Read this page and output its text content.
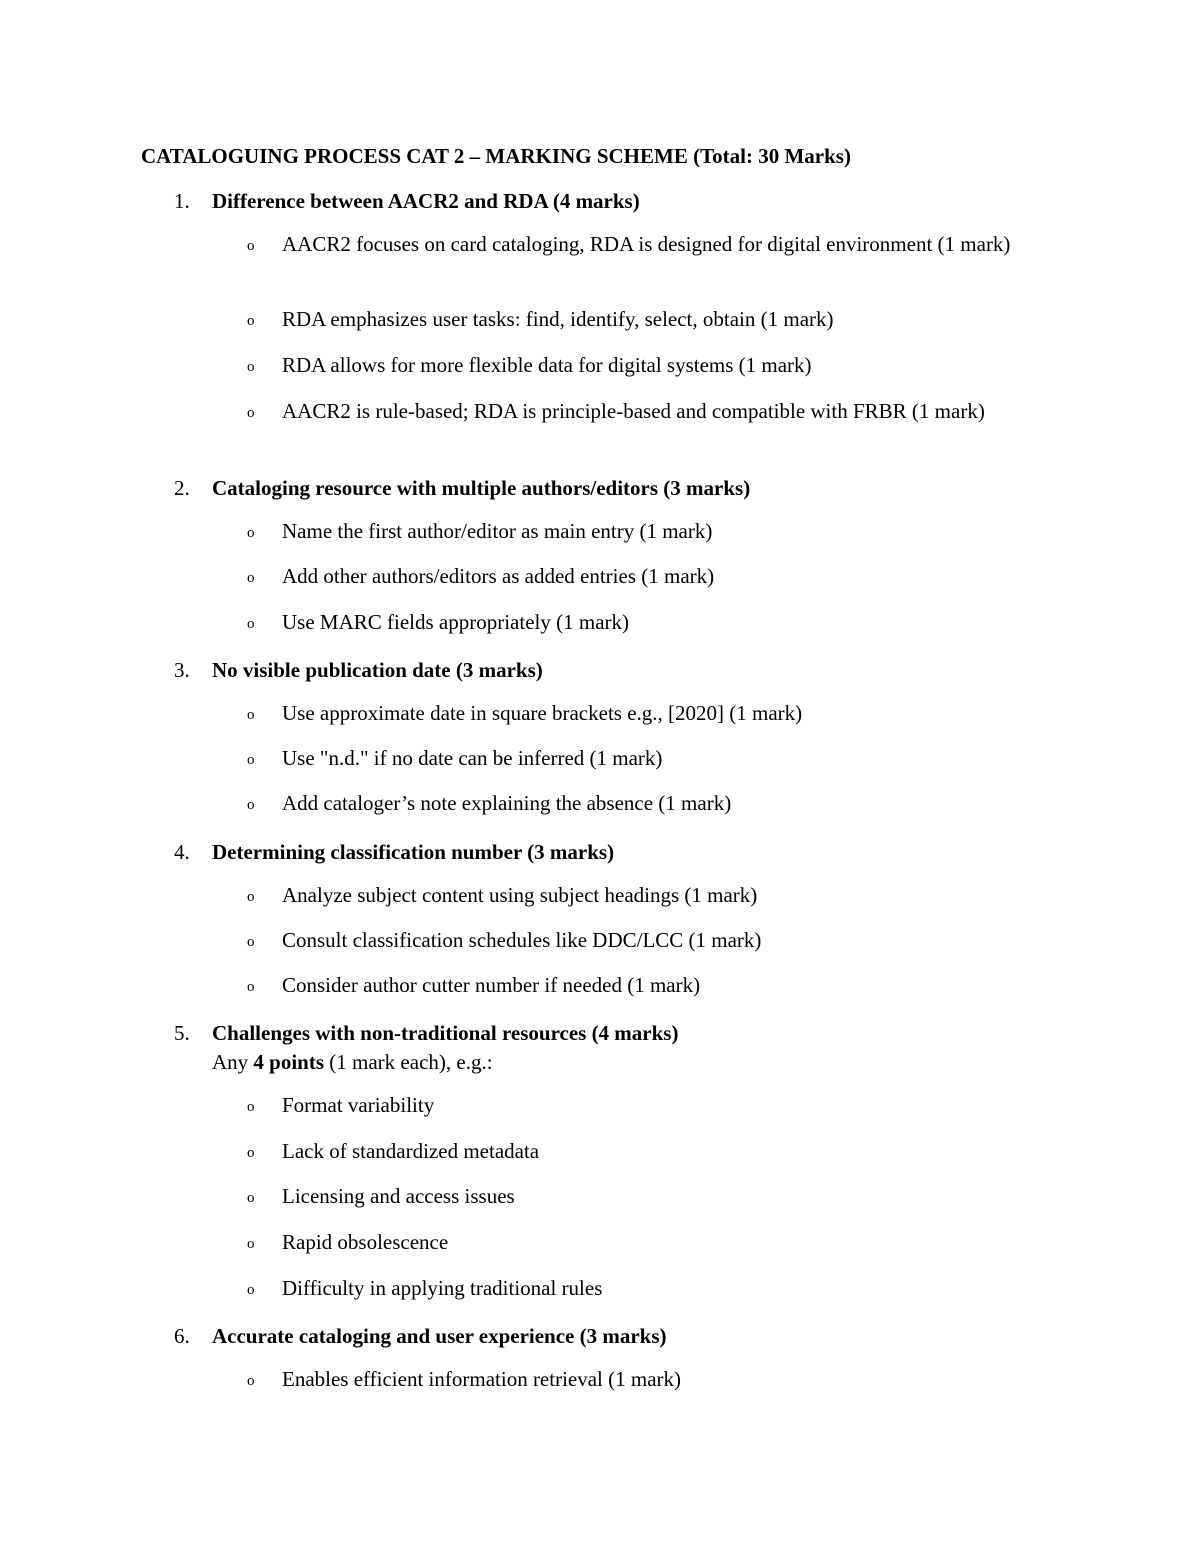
CATALOGUING PROCESS CAT 2 – MARKING SCHEME (Total: 30 Marks)
1. Difference between AACR2 and RDA (4 marks)
o AACR2 focuses on card cataloging, RDA is designed for digital environment (1 mark)
o RDA emphasizes user tasks: find, identify, select, obtain (1 mark)
o RDA allows for more flexible data for digital systems (1 mark)
o AACR2 is rule-based; RDA is principle-based and compatible with FRBR (1 mark)
2. Cataloging resource with multiple authors/editors (3 marks)
o Name the first author/editor as main entry (1 mark)
o Add other authors/editors as added entries (1 mark)
o Use MARC fields appropriately (1 mark)
3. No visible publication date (3 marks)
o Use approximate date in square brackets e.g., [2020] (1 mark)
o Use "n.d." if no date can be inferred (1 mark)
o Add cataloger’s note explaining the absence (1 mark)
4. Determining classification number (3 marks)
o Analyze subject content using subject headings (1 mark)
o Consult classification schedules like DDC/LCC (1 mark)
o Consider author cutter number if needed (1 mark)
5. Challenges with non-traditional resources (4 marks)
Any 4 points (1 mark each), e.g.:
o Format variability
o Lack of standardized metadata
o Licensing and access issues
o Rapid obsolescence
o Difficulty in applying traditional rules
6. Accurate cataloging and user experience (3 marks)
o Enables efficient information retrieval (1 mark)
